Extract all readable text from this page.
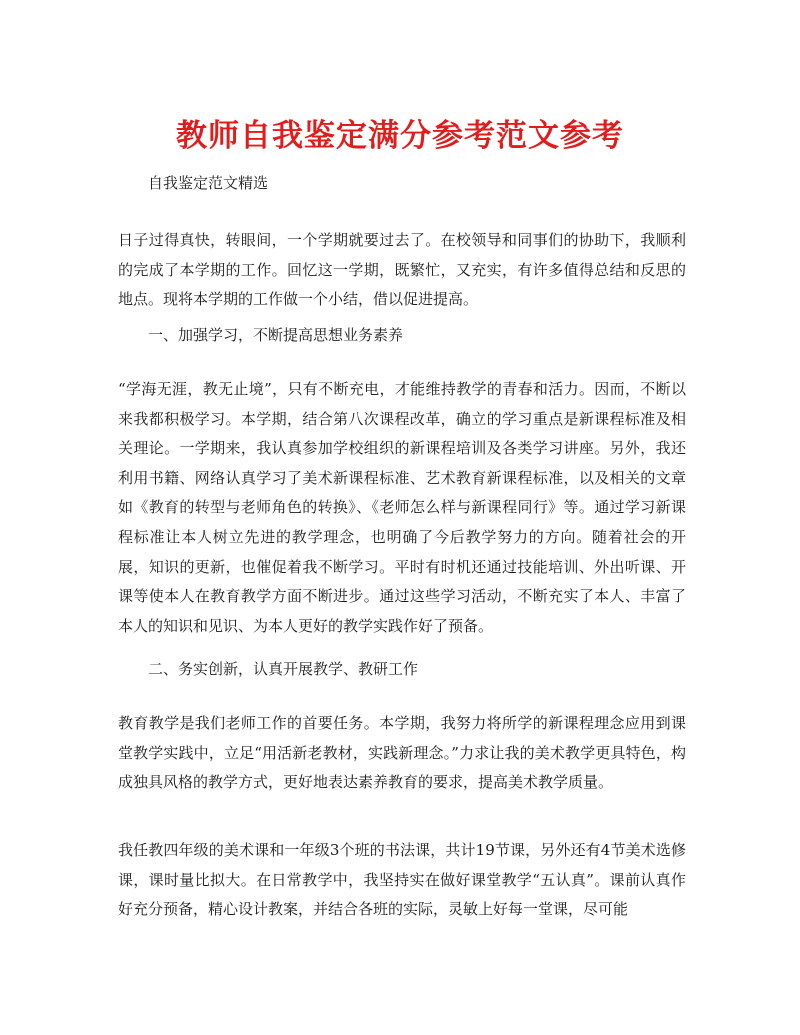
教师自我鉴定满分参考范文参考
自我鉴定范文精选
日子过得真快，转眼间，一个学期就要过去了。在校领导和同事们的协助下，我顺利的完成了本学期的工作。回忆这一学期，既繁忙，又充实，有许多值得总结和反思的地点。现将本学期的工作做一个小结，借以促进提高。
一、加强学习，不断提高思想业务素养
“学海无涯，教无止境”，只有不断充电，才能维持教学的青春和活力。因而，不断以来我都积极学习。本学期，结合第八次课程改革，确立的学习重点是新课程标准及相关理论。一学期来，我认真参加学校组织的新课程培训及各类学习讲座。另外，我还利用书籍、网络认真学习了美术新课程标准、艺术教育新课程标准，以及相关的文章如《教育的转型与老师角色的转换》、《老师怎么样与新课程同行》等。通过学习新课程标准让本人树立先进的教学理念，也明确了今后教学努力的方向。随着社会的开展，知识的更新，也催促着我不断学习。平时有时机还通过技能培训、外出听课、开课等使本人在教育教学方面不断进步。通过这些学习活动，不断充实了本人、丰富了本人的知识和见识、为本人更好的教学实践作好了预备。
二、务实创新，认真开展教学、教研工作
教育教学是我们老师工作的首要任务。本学期，我努力将所学的新课程理念应用到课堂教学实践中，立足“用活新老教材，实践新理念。”力求让我的美术教学更具特色，构成独具风格的教学方式，更好地表达素养教育的要求，提高美术教学质量。
我任教四年级的美术课和一年级3个班的书法课，共计19节课，另外还有4节美术选修课，课时量比拟大。在日常教学中，我坚持实在做好课堂教学“五认真”。课前认真作好充分预备，精心设计教案，并结合各班的实际，灵敏上好每一堂课，尽可能
